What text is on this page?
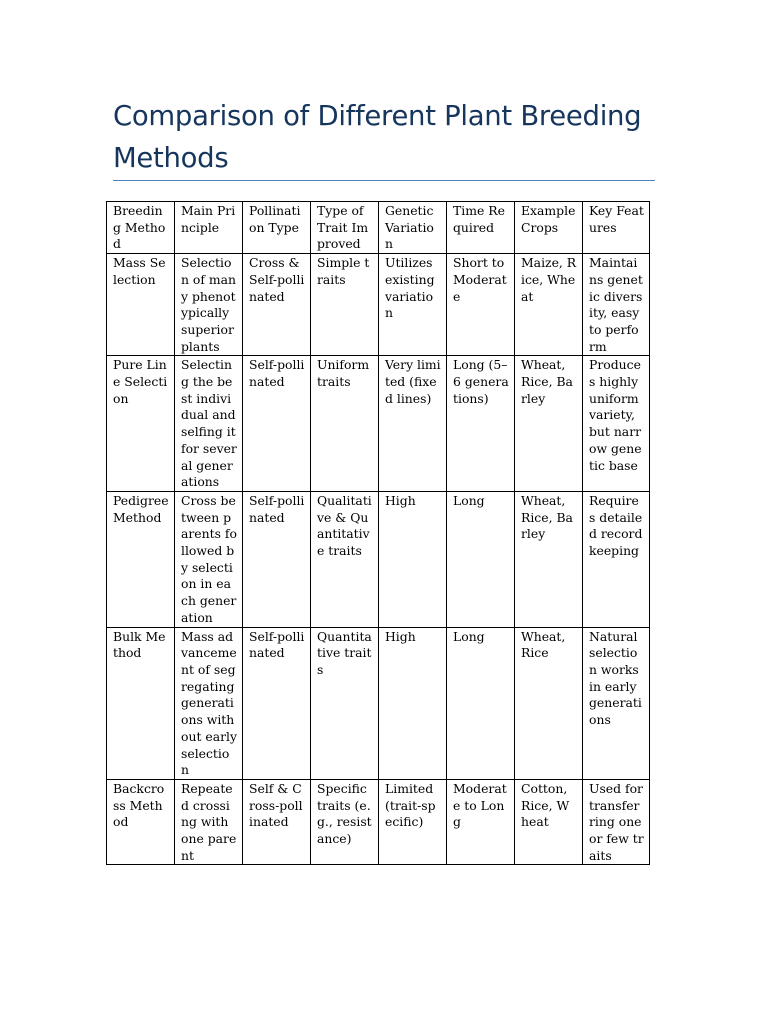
Comparison of Different Plant Breeding Methods
Breeding Method	Main Principle	Pollination Type	Type of Trait Improved	Genetic Variation	Time Required	Example Crops	Key Features
Mass Selection	Selection of many phenotypically superior plants	Cross & Self-pollinated	Simple traits	Utilizes existing variation	Short to Moderate	Maize, Rice, Wheat	Maintains genetic diversity, easy to perform
Pure Line Selection	Selecting the best individual and selfing it for several generations	Self-pollinated	Uniform traits	Very limited (fixed lines)	Long (5–6 generations)	Wheat, Rice, Barley	Produces highly uniform variety, but narrow genetic base
Pedigree Method	Cross between parents followed by selection in each generation	Self-pollinated	Qualitative & Quantitative traits	High	Long	Wheat, Rice, Barley	Requires detailed record keeping
Bulk Method	Mass advancement of segregating generations without early selection	Self-pollinated	Quantitative traits	High	Long	Wheat, Rice	Natural selection works in early generations
Backcross Method	Repeated crossing with one parent	Self & Cross-pollinated	Specific traits (e.g., resistance)	Limited (trait-specific)	Moderate to Long	Cotton, Rice, Wheat	Used for transferring one or few traits
